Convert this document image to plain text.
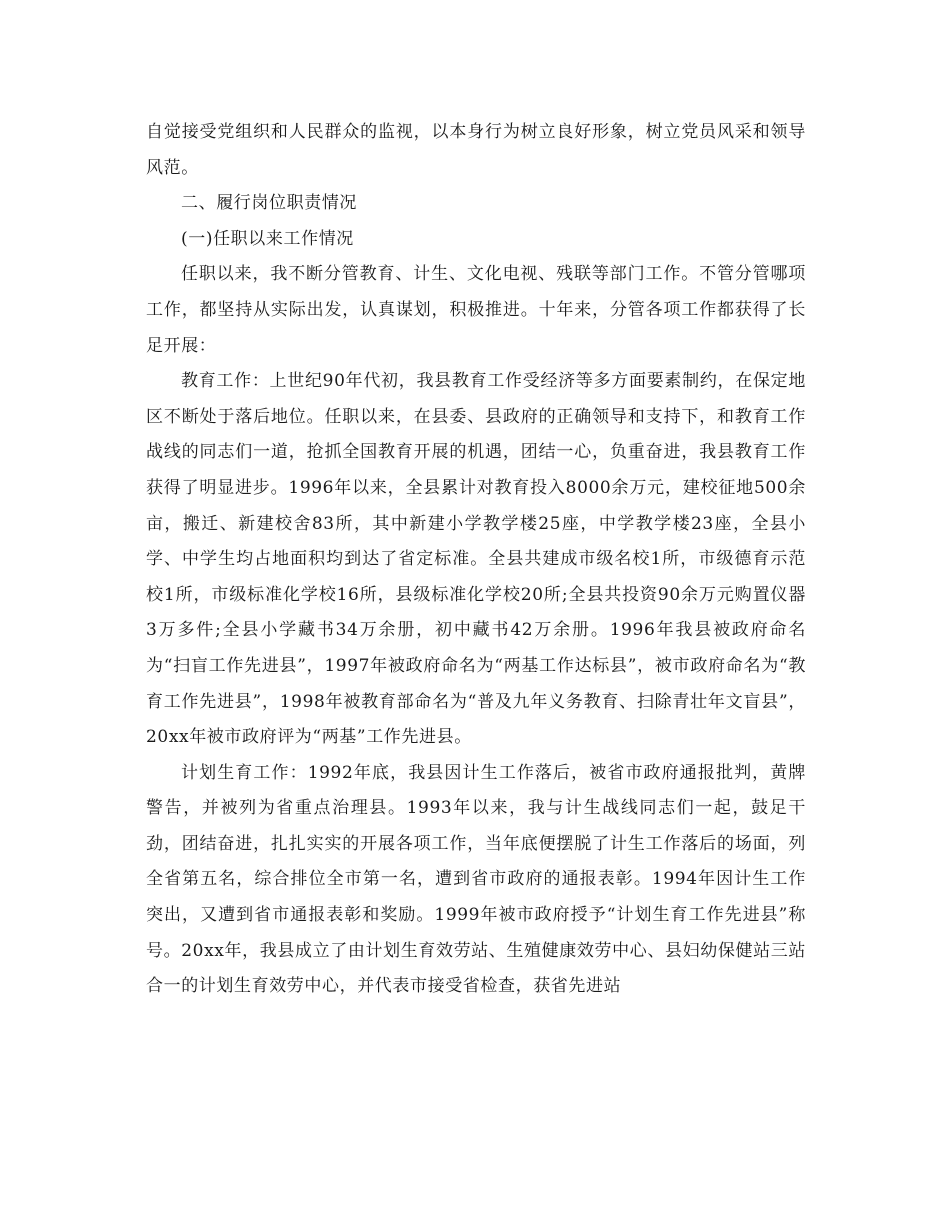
自觉接受党组织和人民群众的监视，以本身行为树立良好形象，树立党员风采和领导风范。

二、履行岗位职责情况

(一)任职以来工作情况

任职以来，我不断分管教育、计生、文化电视、残联等部门工作。不管分管哪项工作，都坚持从实际出发，认真谋划，积极推进。十年来，分管各项工作都获得了长足开展：

教育工作：上世纪90年代初，我县教育工作受经济等多方面要素制约，在保定地区不断处于落后地位。任职以来，在县委、县政府的正确领导和支持下，和教育工作战线的同志们一道，抢抓全国教育开展的机遇，团结一心，负重奋进，我县教育工作获得了明显进步。1996年以来，全县累计对教育投入8000余万元，建校征地500余亩，搬迁、新建校舍83所，其中新建小学教学楼25座，中学教学楼23座，全县小学、中学生均占地面积均到达了省定标准。全县共建成市级名校1所，市级德育示范校1所，市级标准化学校16所，县级标准化学校20所;全县共投资90余万元购置仪器3万多件;全县小学藏书34万余册，初中藏书42万余册。1996年我县被政府命名为“扫盲工作先进县”，1997年被政府命名为“两基工作达标县”，被市政府命名为“教育工作先进县”，1998年被教育部命名为“普及九年义务教育、扫除青壮年文盲县”，20xx年被市政府评为“两基”工作先进县。

计划生育工作：1992年底，我县因计生工作落后，被省市政府通报批判，黄牌警告，并被列为省重点治理县。1993年以来，我与计生战线同志们一起，鼓足干劲，团结奋进，扎扎实实的开展各项工作，当年底便摆脱了计生工作落后的场面，列全省第五名，综合排位全市第一名，遭到省市政府的通报表彰。1994年因计生工作突出，又遭到省市通报表彰和奖励。1999年被市政府授予“计划生育工作先进县”称号。20xx年，我县成立了由计划生育效劳站、生殖健康效劳中心、县妇幼保健站三站合一的计划生育效劳中心，并代表市接受省检查，获省先进站
